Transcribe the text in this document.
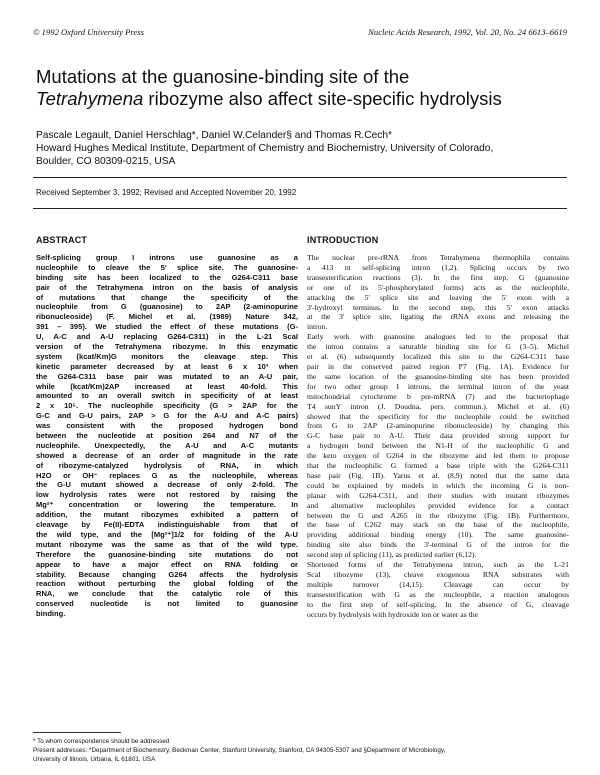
© 1992 Oxford University Press	Nucleic Acids Research, 1992, Vol. 20, No. 24 6613–6619
Mutations at the guanosine-binding site of the
Tetrahymena ribozyme also affect site-specific hydrolysis
Pascale Legault, Daniel Herschlag*, Daniel W.Celander§ and Thomas R.Cech*
Howard Hughes Medical Institute, Department of Chemistry and Biochemistry, University of Colorado,
Boulder, CO 80309-0215, USA
Received September 3, 1992; Revised and Accepted November 20, 1992
ABSTRACT
Self-splicing group I introns use guanosine as a
nucleophile to cleave the 5' splice site. The guanosine-
binding site has been localized to the G264-C311 base
pair of the Tetrahymena intron on the basis of analysis
of mutations that change the specificity of the
nucleophile from G (guanosine) to 2AP (2-aminopurine
ribonucleoside) (F. Michel et al. (1989) Nature 342,
391 – 395). We studied the effect of these mutations (G-
U, A-C and A-U replacing G264-C311) in the L-21 ScaI
version of the Tetrahymena ribozyme. In this enzymatic
system (kcat/Km)G monitors the cleavage step. This
kinetic parameter decreased by at least 6 x 10³ when
the G264-C311 base pair was mutated to an A-U pair,
while (kcat/Km)2AP increased at least 40-fold. This
amounted to an overall switch in specificity of at least
2 x 10⁵. The nucleophile specificity (G > 2AP for the
G-C and G-U pairs, 2AP > G for the A-U and A-C pairs)
was consistent with the proposed hydrogen bond
between the nucleotide at position 264 and N7 of the
nucleophile. Unexpectedly, the A-U and A-C mutants
showed a decrease of an order of magnitude in the rate
of ribozyme-catalyzed hydrolysis of RNA, in which
H2O or OH⁻ replaces G as the nucleophile, whereas
the G-U mutant showed a decrease of only 2-fold. The
low hydrolysis rates were not restored by raising the
Mg²⁺ concentration or lowering the temperature. In
addition, the mutant ribozymes exhibited a pattern of
cleavage by Fe(II)-EDTA indistinguishable from that of
the wild type, and the [Mg²⁺]1/2 for folding of the A-U
mutant ribozyme was the same as that of the wild type.
Therefore the guanosine-binding site mutations do not
appear to have a major effect on RNA folding or
stability. Because changing G264 affects the hydrolysis
reaction without perturbing the global folding of the
RNA, we conclude that the catalytic role of this
conserved nucleotide is not limited to guanosine
binding.
INTRODUCTION
The nuclear pre-rRNA from Tetrahymena thermophila contains
a 413 nt self-splicing intron (1,2). Splicing occurs by two
transesterification reactions (3). In the first step, G (guanosine
or one of its 5'-phosphorylated forms) acts as the nucleophile,
attacking the 5' splice site and leaving the 5' exon with a
3'-hydroxyl terminus. In the second step, this 5' exon attacks
at the 3' splice site, ligating the rRNA exons and releasing the
intron.
Early work with guanosine analogues led to the proposal that
the intron contains a saturable binding site for G (3–5). Michel
et al. (6) subsequently localized this site to the G264-C311 base
pair in the conserved paired region P7 (Fig. 1A). Evidence for
the same location of the guanosine-binding site has been provided
for two other group I introns, the terminal intron of the yeast
mitochondrial cytochrome b pre-mRNA (7) and the bacteriophage
T4 sunY intron (J. Doudna, pers. commun.). Michel et al. (6)
showed that the specificity for the nucleophile could be switched
from G to 2AP (2-aminopurine ribonucleoside) by changing this
G-C base pair to A-U. Their data provided strong support for
a hydrogen bond between the N1-H of the nucleophilic G and
the keto oxygen of G264 in the ribozyme and led them to propose
that the nucleophilic G formed a base triple with the G264-C311
base pair (Fig. 1B). Yarus et al. (8,9) noted that the same data
could be explained by models in which the incoming G is non-
planar with G264-C311, and their studies with mutant ribozymes
and alternative nucleophiles provided evidence for a contact
between the G and A265 in the ribozyme (Fig. 1B). Furthermore,
the base of C262 may stack on the base of the nucleophile,
providing additional binding energy (10). The same guanosine-
binding site also binds the 3'-terminal G of the intron for the
second step of splicing (11), as predicted earlier (6,12).
Shortened forms of the Tetrahymena intron, such as the L-21
ScaI ribozyme (13), cleave exogenous RNA substrates with
multiple turnover (14,15). Cleavage can occur by
transesterification with G as the nucleophile, a reaction analogous
to the first step of self-splicing. In the absence of G, cleavage
occurs by hydrolysis with hydroxide ion or water as the
* To whom correspondence should be addressed
Present addresses: *Department of Biochemistry, Beckman Center, Stanford University, Stanford, CA 94305-5307 and §Department of Microbiology,
University of Illinois, Urbana, IL 61801, USA
